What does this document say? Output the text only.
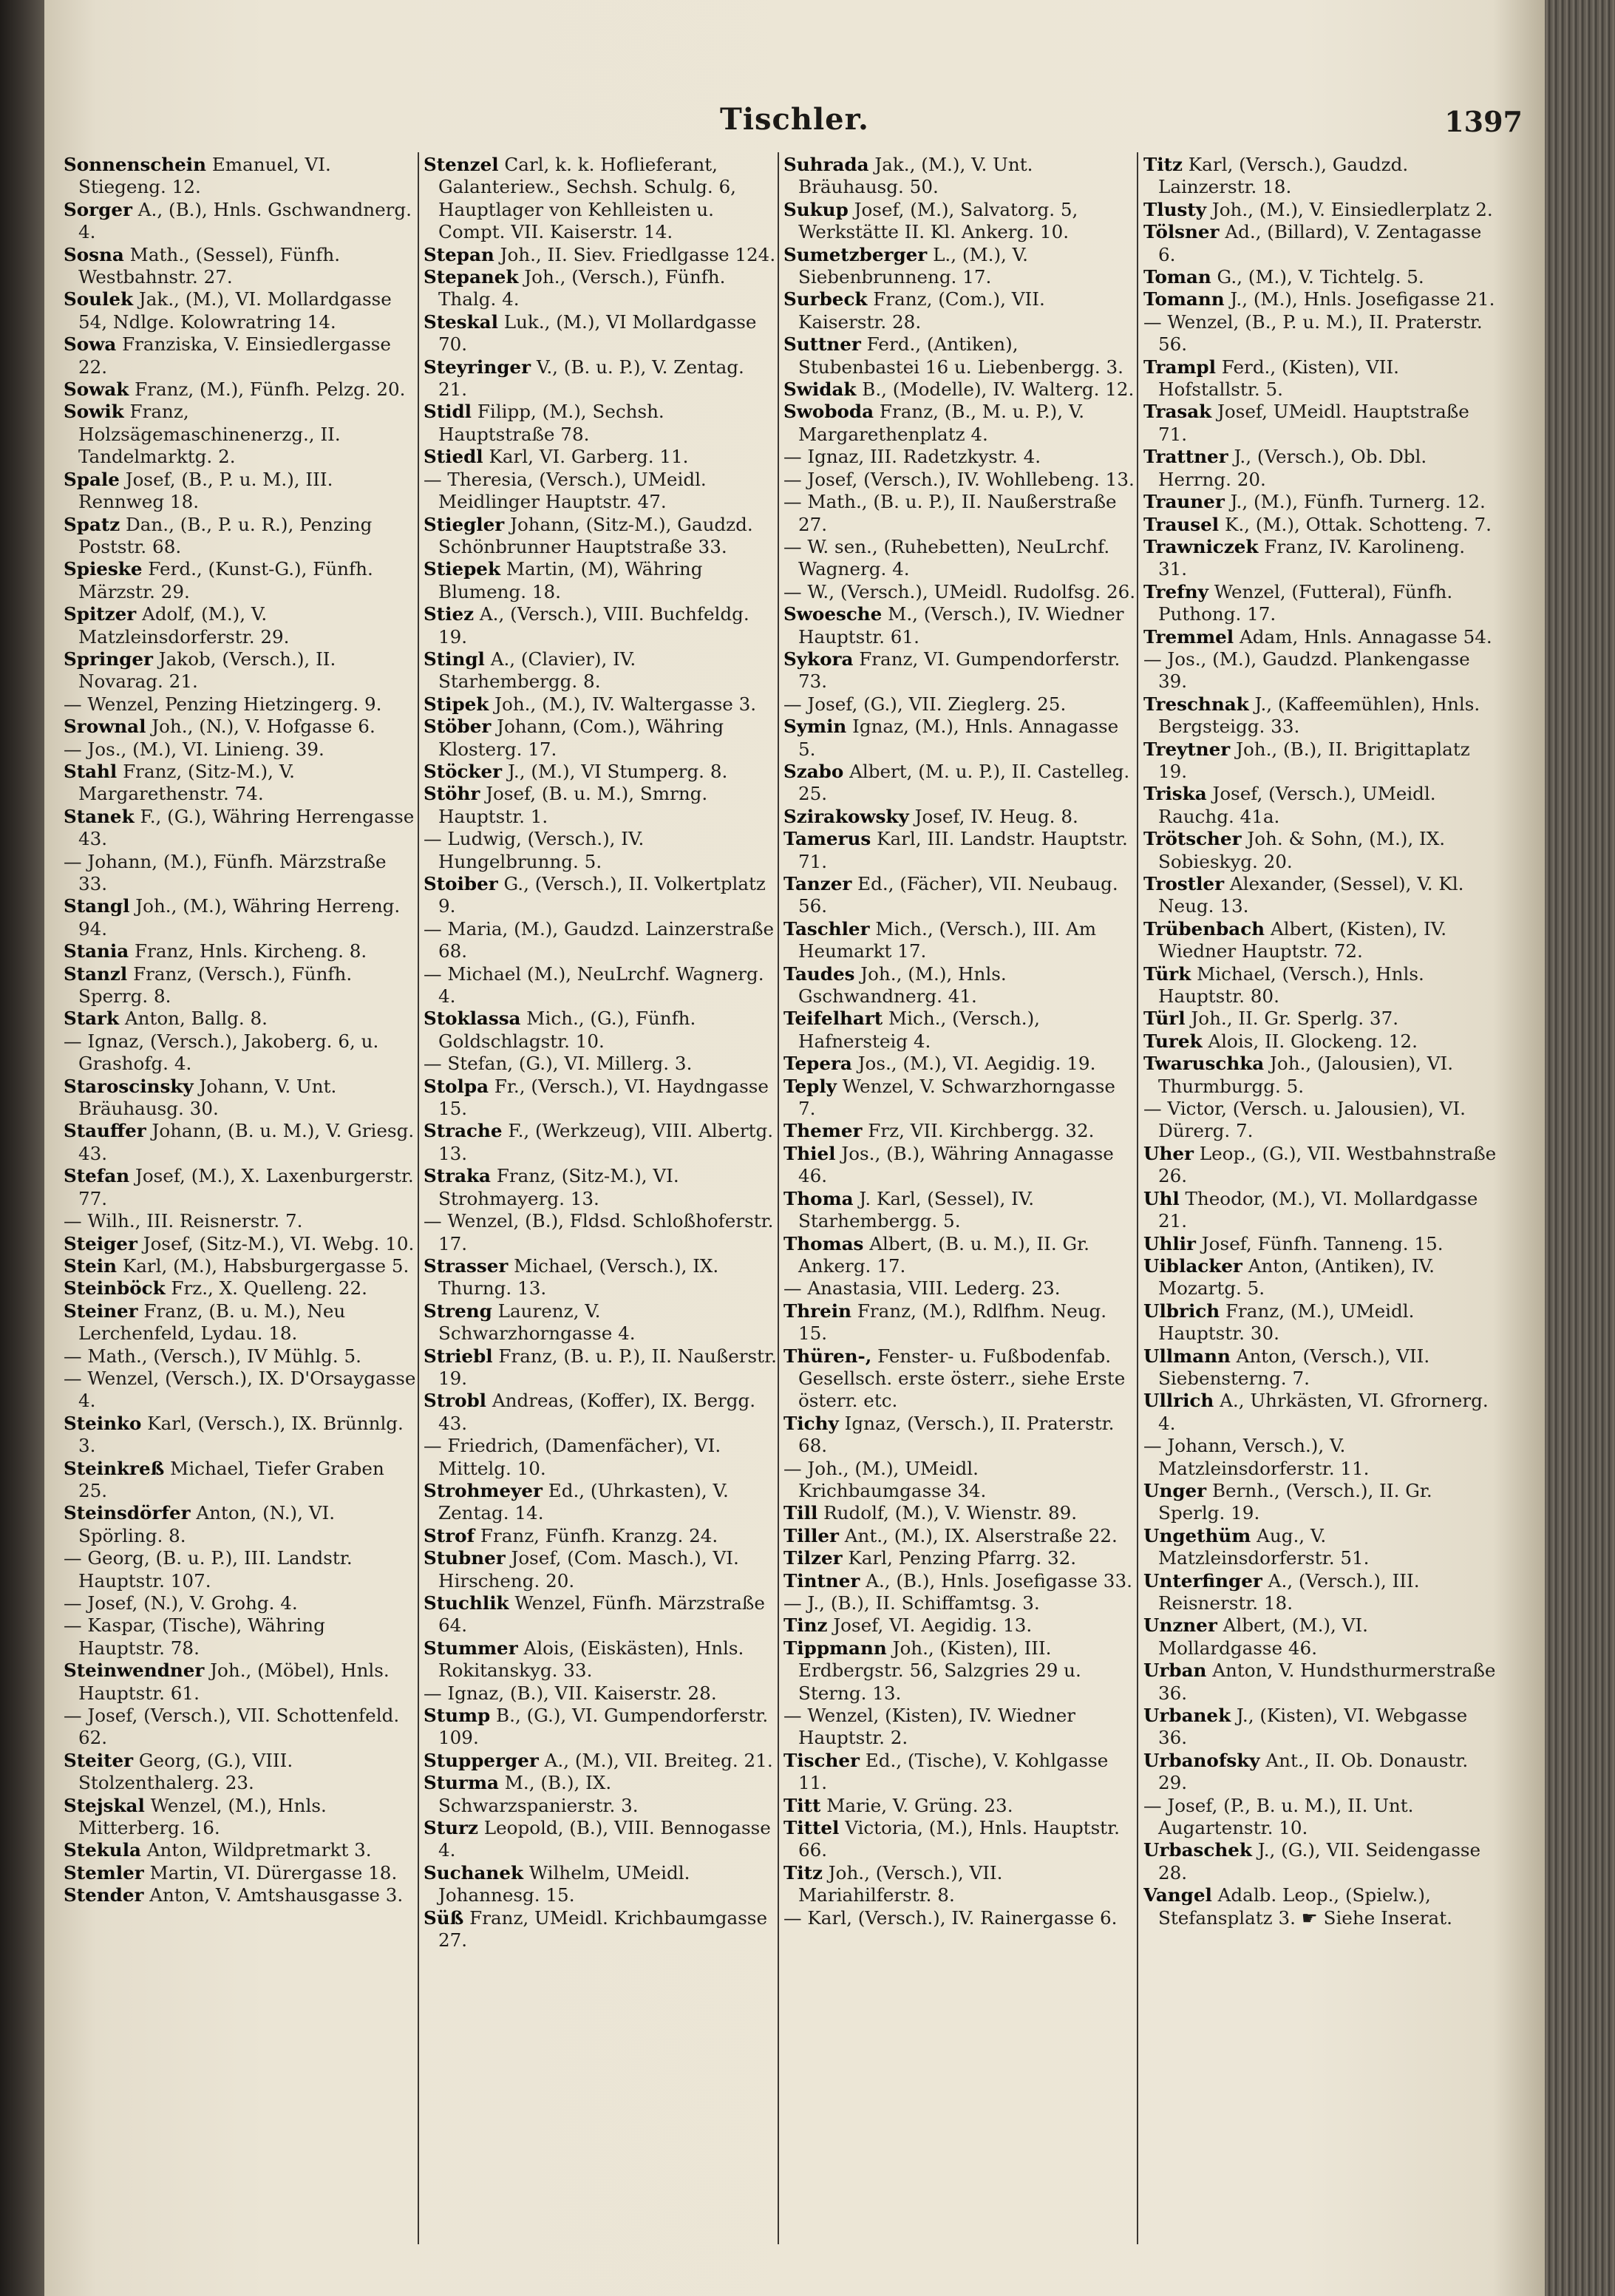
Tischler.	1397
Sonnenschein Emanuel, VI. Stiegeng. 12.
Sorger A., (B.), Hnls. Gschwandnerg. 4.
Sosna Math., (Sessel), Fünfh. Westbahnstr. 27.
Soulek Jak., (M.), VI. Mollardgasse 54, Ndlge. Kolowratring 14.
Sowa Franziska, V. Einsiedlergasse 22.
Sowak Franz, (M.), Fünfh. Pelzg. 20.
Sowik Franz, Holzsägemaschinenerzg., II. Tandelmarktg. 2.
Spale Josef, (B., P. u. M.), III. Rennweg 18.
Spatz Dan., (B., P. u. R.), Penzing Poststr. 68.
Spieske Ferd., (Kunst-G.), Fünfh. Märzstr. 29.
Spitzer Adolf, (M.), V. Matzleinsdorferstr. 29.
Springer Jakob, (Versch.), II. Novarag. 21.
— Wenzel, Penzing Hietzingerg. 9.
Srownal Joh., (N.), V. Hofgasse 6.
— Jos., (M.), VI. Linieng. 39.
Stahl Franz, (Sitz-M.), V. Margarethenstr. 74.
Stanek F., (G.), Währing Herrengasse 43.
— Johann, (M.), Fünfh. Märzstraße 33.
Stangl Joh., (M.), Währing Herreng. 94.
Stania Franz, Hnls. Kircheng. 8.
Stanzl Franz, (Versch.), Fünfh. Sperrg. 8.
Stark Anton, Ballg. 8.
— Ignaz, (Versch.), Jakoberg. 6, u. Grashofg. 4.
Staroscinsky Johann, V. Unt. Bräuhausg. 30.
Stauffer Johann, (B. u. M.), V. Griesg. 43.
Stefan Josef, (M.), X. Laxenburgerstr. 77.
— Wilh., III. Reisnerstr. 7.
Steiger Josef, (Sitz-M.), VI. Webg. 10.
Stein Karl, (M.), Habsburgergasse 5.
Steinböck Frz., X. Quelleng. 22.
Steiner Franz, (B. u. M.), Neu Lerchenfeld, Lydau. 18.
— Math., (Versch.), IV Mühlg. 5.
— Wenzel, (Versch.), IX. D'Orsaygasse 4.
Steinko Karl, (Versch.), IX. Brünnlg. 3.
Steinkreß Michael, Tiefer Graben 25.
Steinsdörfer Anton, (N.), VI. Spörling. 8.
— Georg, (B. u. P.), III. Landstr. Hauptstr. 107.
— Josef, (N.), V. Grohg. 4.
— Kaspar, (Tische), Währing Hauptstr. 78.
Steinwendner Joh., (Möbel), Hnls. Hauptstr. 61.
— Josef, (Versch.), VII. Schottenfeld. 62.
Steiter Georg, (G.), VIII. Stolzenthalerg. 23.
Stejskal Wenzel, (M.), Hnls. Mitterberg. 16.
Stekula Anton, Wildpretmarkt 3.
Stemler Martin, VI. Dürergasse 18.
Stender Anton, V. Amtshausgasse 3.
Stenzel Carl, k. k. Hoflieferant, Galanteriew., Sechsh. Schulg. 6, Hauptlager von Kehlleisten u. Compt. VII. Kaiserstr. 14.
Stepan Joh., II. Siev. Friedlgasse 124.
Stepanek Joh., (Versch.), Fünfh. Thalg. 4.
Steskal Luk., (M.), VI Mollardgasse 70.
Steyringer V., (B. u. P.), V. Zentag. 21.
Stidl Filipp, (M.), Sechsh. Hauptstraße 78.
Stiedl Karl, VI. Garberg. 11.
— Theresia, (Versch.), UMeidl. Meidlinger Hauptstr. 47.
Stiegler Johann, (Sitz-M.), Gaudzd. Schönbrunner Hauptstraße 33.
Stiepek Martin, (M), Währing Blumeng. 18.
Stiez A., (Versch.), VIII. Buchfeldg. 19.
Stingl A., (Clavier), IV. Starhembergg. 8.
Stipek Joh., (M.), IV. Waltergasse 3.
Stöber Johann, (Com.), Währing Klosterg. 17.
Stöcker J., (M.), VI Stumperg. 8.
Stöhr Josef, (B. u. M.), Smrng. Hauptstr. 1.
— Ludwig, (Versch.), IV. Hungelbrunng. 5.
Stoiber G., (Versch.), II. Volkertplatz 9.
— Maria, (M.), Gaudzd. Lainzerstraße 68.
— Michael (M.), NeuLrchf. Wagnerg. 4.
Stoklassa Mich., (G.), Fünfh. Goldschlagstr. 10.
— Stefan, (G.), VI. Millerg. 3.
Stolpa Fr., (Versch.), VI. Haydngasse 15.
Strache F., (Werkzeug), VIII. Albertg. 13.
Straka Franz, (Sitz-M.), VI. Strohmayerg. 13.
— Wenzel, (B.), Fldsd. Schloßhoferstr. 17.
Strasser Michael, (Versch.), IX. Thurng. 13.
Streng Laurenz, V. Schwarzhorngasse 4.
Striebl Franz, (B. u. P.), II. Naußerstr. 19.
Strobl Andreas, (Koffer), IX. Bergg. 43.
— Friedrich, (Damenfächer), VI. Mittelg. 10.
Strohmeyer Ed., (Uhrkasten), V. Zentag. 14.
Strof Franz, Fünfh. Kranzg. 24.
Stubner Josef, (Com. Masch.), VI. Hirscheng. 20.
Stuchlik Wenzel, Fünfh. Märzstraße 64.
Stummer Alois, (Eiskästen), Hnls. Rokitanskyg. 33.
— Ignaz, (B.), VII. Kaiserstr. 28.
Stump B., (G.), VI. Gumpendorferstr. 109.
Stupperger A., (M.), VII. Breiteg. 21.
Sturma M., (B.), IX. Schwarzspanierstr. 3.
Sturz Leopold, (B.), VIII. Bennogasse 4.
Suchanek Wilhelm, UMeidl. Johannesg. 15.
Süß Franz, UMeidl. Krichbaumgasse 27.
Suhrada Jak., (M.), V. Unt. Bräuhausg. 50.
Sukup Josef, (M.), Salvatorg. 5, Werkstätte II. Kl. Ankerg. 10.
Sumetzberger L., (M.), V. Siebenbrunneng. 17.
Surbeck Franz, (Com.), VII. Kaiserstr. 28.
Suttner Ferd., (Antiken), Stubenbastei 16 u. Liebenbergg. 3.
Swidak B., (Modelle), IV. Walterg. 12.
Swoboda Franz, (B., M. u. P.), V. Margarethenplatz 4.
— Ignaz, III. Radetzkystr. 4.
— Josef, (Versch.), IV. Wohllebeng. 13.
— Math., (B. u. P.), II. Naußerstraße 27.
— W. sen., (Ruhebetten), NeuLrchf. Wagnerg. 4.
— W., (Versch.), UMeidl. Rudolfsg. 26.
Swoesche M., (Versch.), IV. Wiedner Hauptstr. 61.
Sykora Franz, VI. Gumpendorferstr. 73.
— Josef, (G.), VII. Zieglerg. 25.
Symin Ignaz, (M.), Hnls. Annagasse 5.
Szabo Albert, (M. u. P.), II. Castelleg. 25.
Szirakowsky Josef, IV. Heug. 8.
Tamerus Karl, III. Landstr. Hauptstr. 71.
Tanzer Ed., (Fächer), VII. Neubaug. 56.
Taschler Mich., (Versch.), III. Am Heumarkt 17.
Taudes Joh., (M.), Hnls. Gschwandnerg. 41.
Teifelhart Mich., (Versch.), Hafnersteig 4.
Tepera Jos., (M.), VI. Aegidig. 19.
Teply Wenzel, V. Schwarzhorngasse 7.
Themer Frz, VII. Kirchbergg. 32.
Thiel Jos., (B.), Währing Annagasse 46.
Thoma J. Karl, (Sessel), IV. Starhembergg. 5.
Thomas Albert, (B. u. M.), II. Gr. Ankerg. 17.
— Anastasia, VIII. Lederg. 23.
Threin Franz, (M.), Rdlfhm. Neug. 15.
Thüren-, Fenster- u. Fußbodenfab. Gesellsch. erste österr., siehe Erste österr. etc.
Tichy Ignaz, (Versch.), II. Praterstr. 68.
— Joh., (M.), UMeidl. Krichbaumgasse 34.
Till Rudolf, (M.), V. Wienstr. 89.
Tiller Ant., (M.), IX. Alserstraße 22.
Tilzer Karl, Penzing Pfarrg. 32.
Tintner A., (B.), Hnls. Josefigasse 33.
— J., (B.), II. Schiffamtsg. 3.
Tinz Josef, VI. Aegidig. 13.
Tippmann Joh., (Kisten), III. Erdbergstr. 56, Salzgries 29 u. Sterng. 13.
— Wenzel, (Kisten), IV. Wiedner Hauptstr. 2.
Tischer Ed., (Tische), V. Kohlgasse 11.
Titt Marie, V. Grüng. 23.
Tittel Victoria, (M.), Hnls. Hauptstr. 66.
Titz Joh., (Versch.), VII. Mariahilferstr. 8.
— Karl, (Versch.), IV. Rainergasse 6.
Titz Karl, (Versch.), Gaudzd. Lainzerstr. 18.
Tlusty Joh., (M.), V. Einsiedlerplatz 2.
Tölsner Ad., (Billard), V. Zentagasse 6.
Toman G., (M.), V. Tichtelg. 5.
Tomann J., (M.), Hnls. Josefigasse 21.
— Wenzel, (B., P. u. M.), II. Praterstr. 56.
Trampl Ferd., (Kisten), VII. Hofstallstr. 5.
Trasak Josef, UMeidl. Hauptstraße 71.
Trattner J., (Versch.), Ob. Dbl. Herrng. 20.
Trauner J., (M.), Fünfh. Turnerg. 12.
Trausel K., (M.), Ottak. Schotteng. 7.
Trawniczek Franz, IV. Karolineng. 31.
Trefny Wenzel, (Futteral), Fünfh. Puthong. 17.
Tremmel Adam, Hnls. Annagasse 54.
— Jos., (M.), Gaudzd. Plankengasse 39.
Treschnak J., (Kaffeemühlen), Hnls. Bergsteigg. 33.
Treytner Joh., (B.), II. Brigittaplatz 19.
Triska Josef, (Versch.), UMeidl. Rauchg. 41a.
Trötscher Joh. & Sohn, (M.), IX. Sobieskyg. 20.
Trostler Alexander, (Sessel), V. Kl. Neug. 13.
Trübenbach Albert, (Kisten), IV. Wiedner Hauptstr. 72.
Türk Michael, (Versch.), Hnls. Hauptstr. 80.
Türl Joh., II. Gr. Sperlg. 37.
Turek Alois, II. Glockeng. 12.
Twaruschka Joh., (Jalousien), VI. Thurmburgg. 5.
— Victor, (Versch. u. Jalousien), VI. Dürerg. 7.
Uher Leop., (G.), VII. Westbahnstraße 26.
Uhl Theodor, (M.), VI. Mollardgasse 21.
Uhlir Josef, Fünfh. Tanneng. 15.
Uiblacker Anton, (Antiken), IV. Mozartg. 5.
Ulbrich Franz, (M.), UMeidl. Hauptstr. 30.
Ullmann Anton, (Versch.), VII. Siebensterng. 7.
Ullrich A., Uhrkästen, VI. Gfrornerg. 4.
— Johann, Versch.), V. Matzleinsdorferstr. 11.
Unger Bernh., (Versch.), II. Gr. Sperlg. 19.
Ungethüm Aug., V. Matzleinsdorferstr. 51.
Unterfinger A., (Versch.), III. Reisnerstr. 18.
Unzner Albert, (M.), VI. Mollardgasse 46.
Urban Anton, V. Hundsthurmerstraße 36.
Urbanek J., (Kisten), VI. Webgasse 36.
Urbanofsky Ant., II. Ob. Donaustr. 29.
— Josef, (P., B. u. M.), II. Unt. Augartenstr. 10.
Urbaschek J., (G.), VII. Seidengasse 28.
Vangel Adalb. Leop., (Spielw.), Stefansplatz 3. ☛ Siehe Inserat.
